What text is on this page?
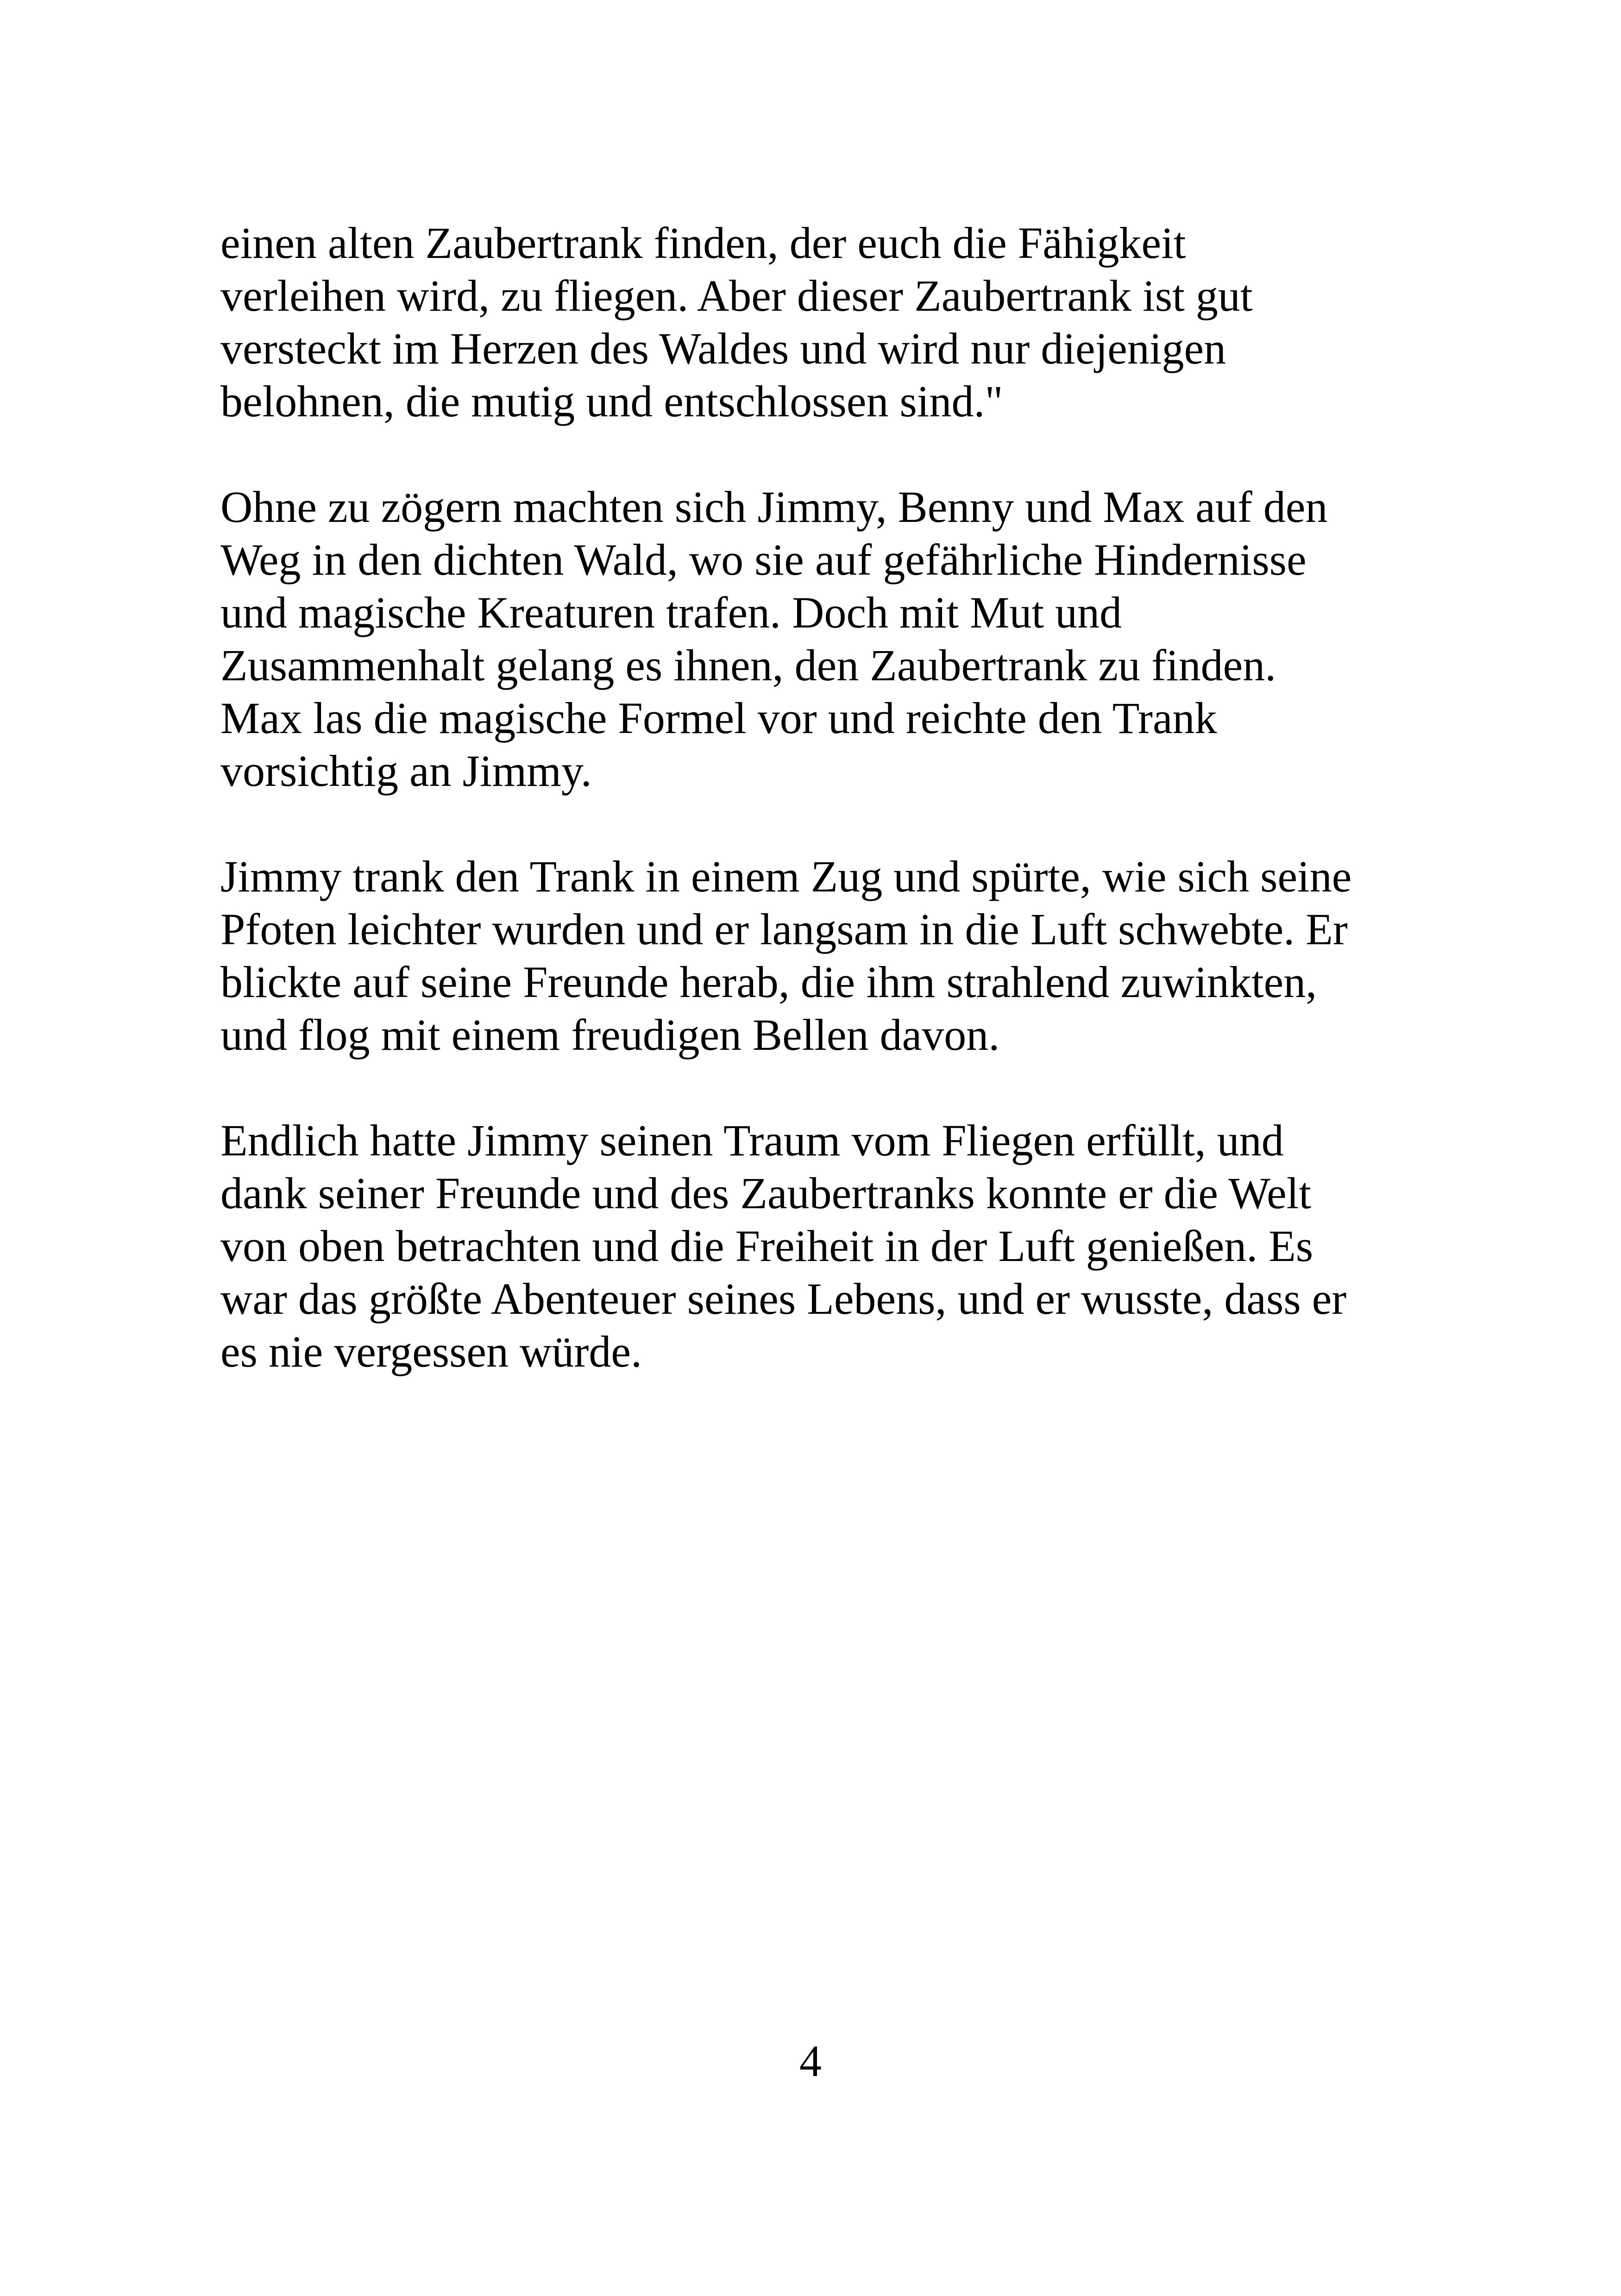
einen alten Zaubertrank finden, der euch die Fähigkeit
verleihen wird, zu fliegen. Aber dieser Zaubertrank ist gut
versteckt im Herzen des Waldes und wird nur diejenigen
belohnen, die mutig und entschlossen sind."

Ohne zu zögern machten sich Jimmy, Benny und Max auf den
Weg in den dichten Wald, wo sie auf gefährliche Hindernisse
und magische Kreaturen trafen. Doch mit Mut und
Zusammenhalt gelang es ihnen, den Zaubertrank zu finden.
Max las die magische Formel vor und reichte den Trank
vorsichtig an Jimmy.

Jimmy trank den Trank in einem Zug und spürte, wie sich seine
Pfoten leichter wurden und er langsam in die Luft schwebte. Er
blickte auf seine Freunde herab, die ihm strahlend zuwinkten,
und flog mit einem freudigen Bellen davon.

Endlich hatte Jimmy seinen Traum vom Fliegen erfüllt, und
dank seiner Freunde und des Zaubertranks konnte er die Welt
von oben betrachten und die Freiheit in der Luft genießen. Es
war das größte Abenteuer seines Lebens, und er wusste, dass er
es nie vergessen würde.

4
